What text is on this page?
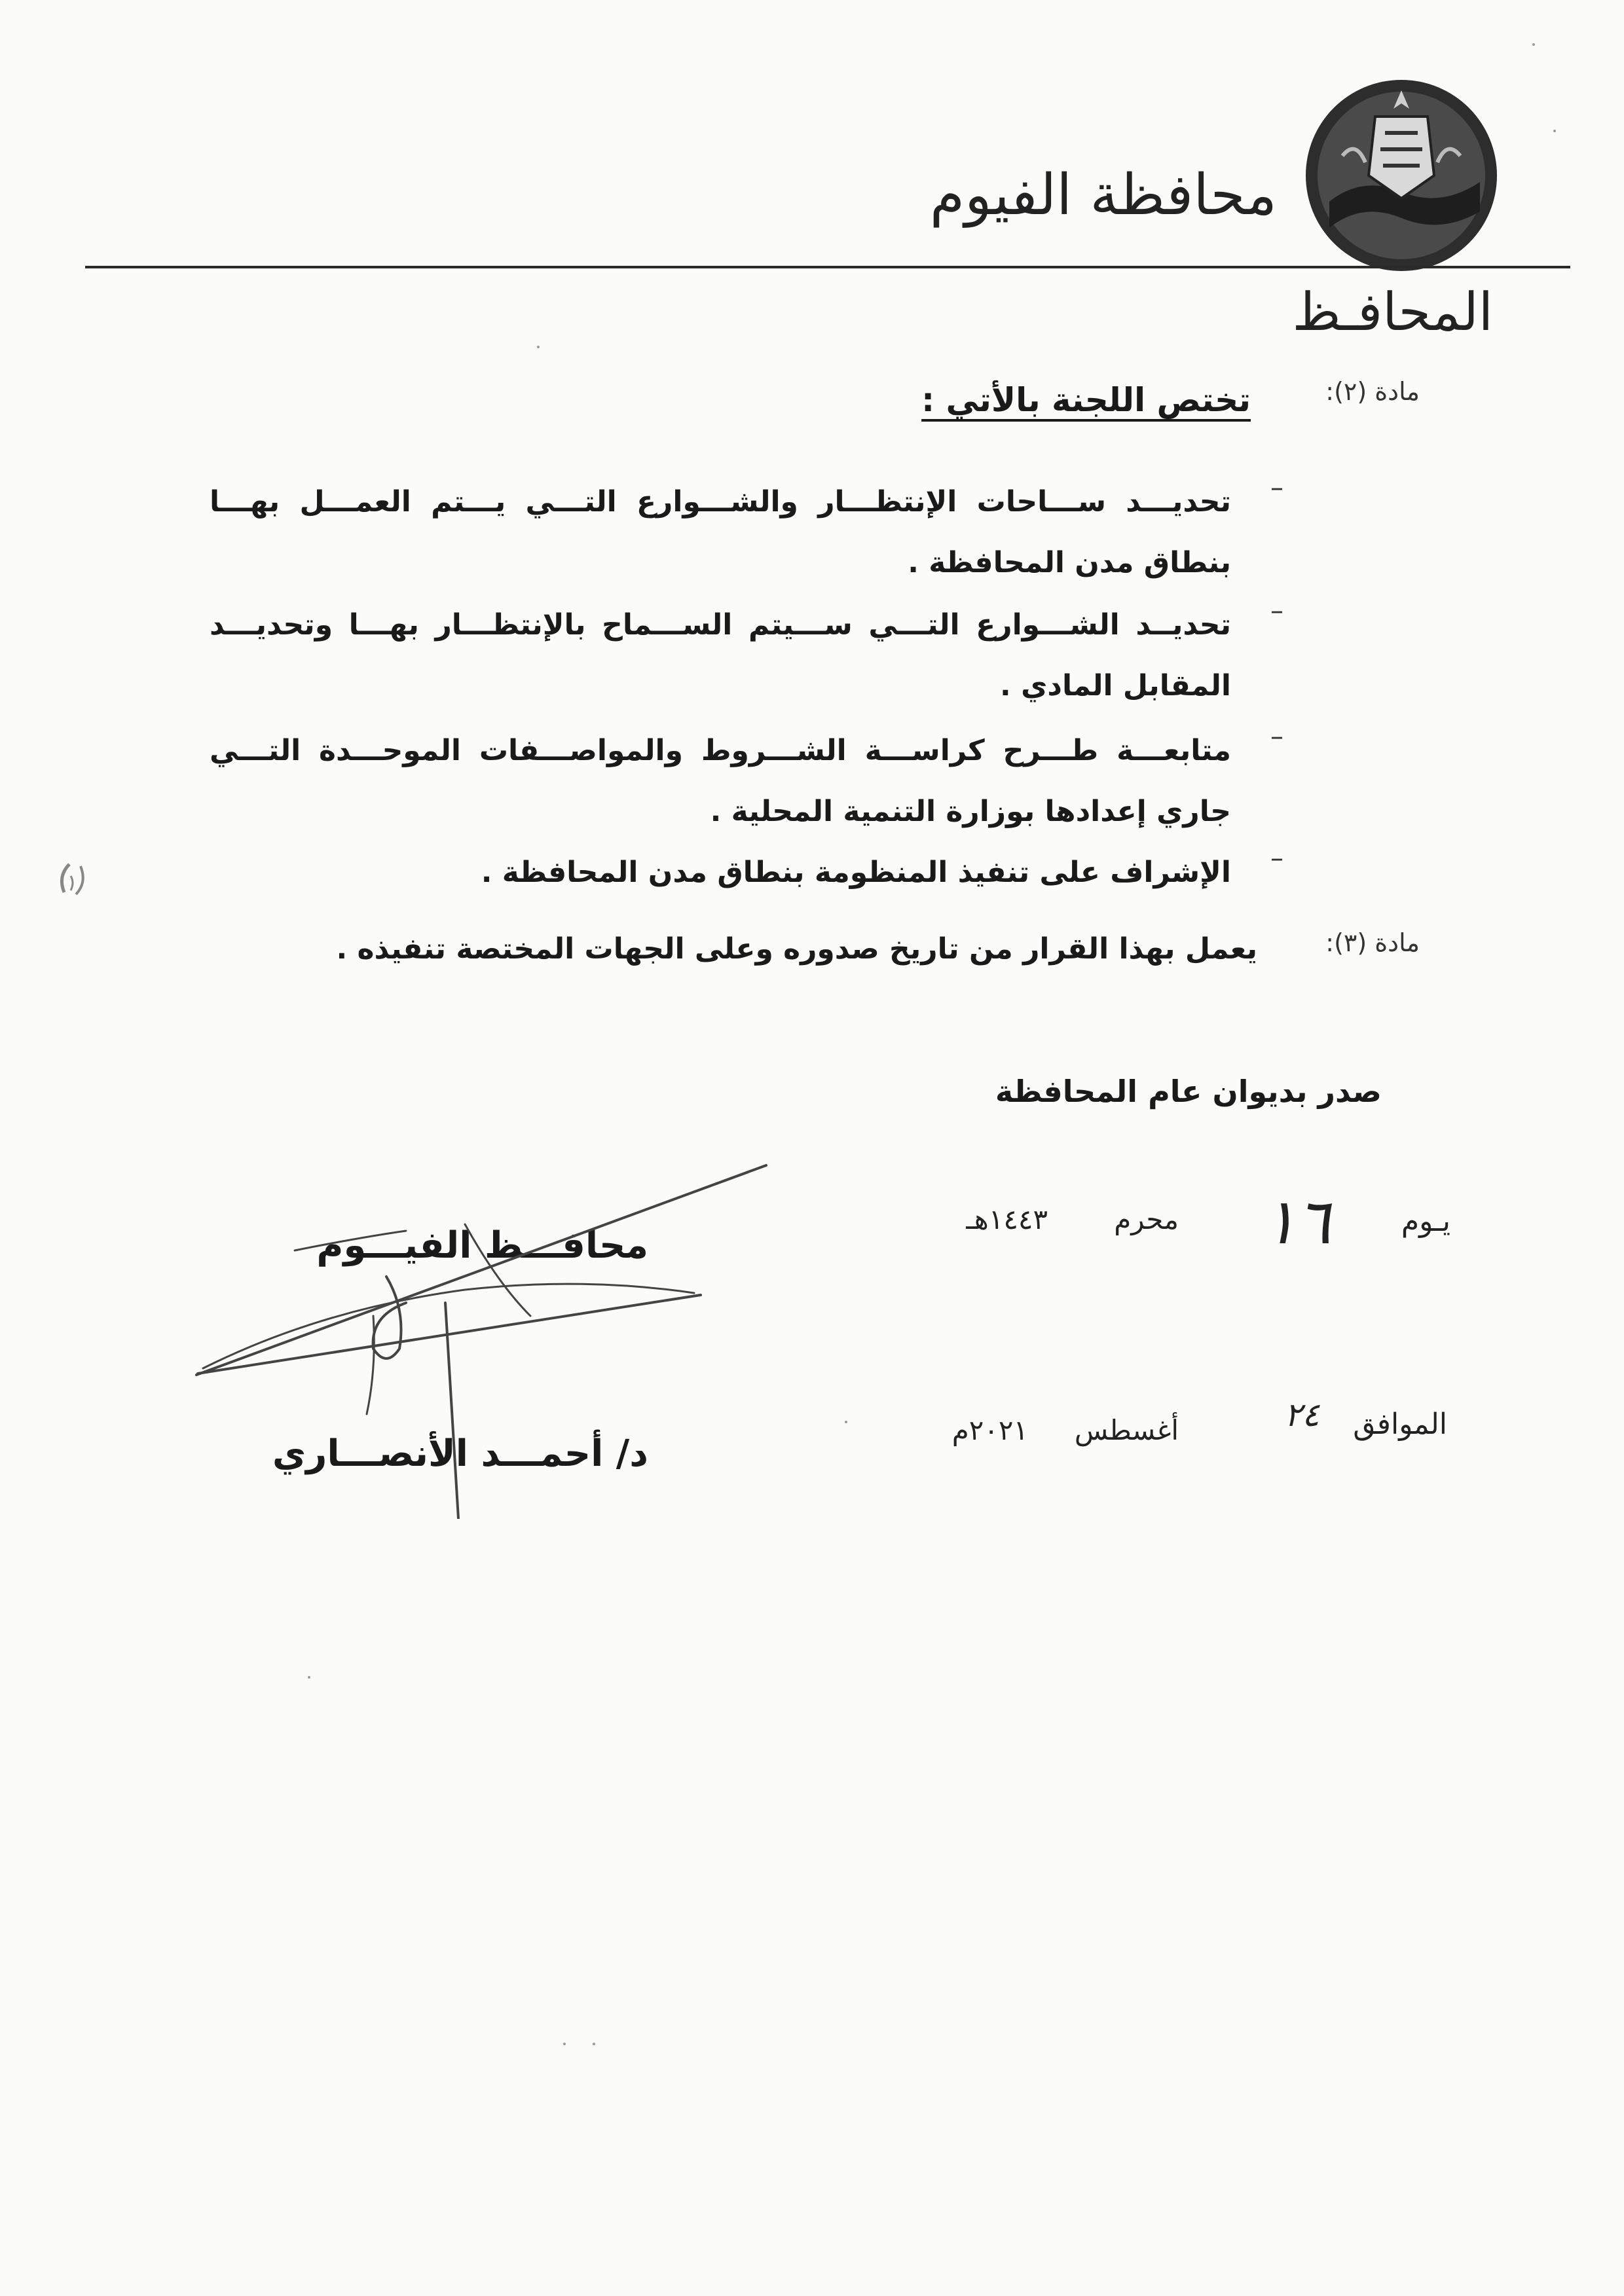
محافظة الفيوم
المحافـظ
مادة (٢):
تختص اللجنة بالأتي :
–
تحديـــد ســـاحات الإنتظـــار والشـــوارع التـــي يـــتم العمـــل بهـــا
بنطاق مدن المحافظة .
–
تحديــد الشـــوارع التـــي ســـيتم الســـماح بالإنتظـــار بهـــا وتحديـــد
المقابل المادي .
–
متابعـــة طـــرح كراســـة الشـــروط والمواصـــفات الموحـــدة التـــي
جاري إعدادها بوزارة التنمية المحلية .
–
الإشراف على تنفيذ المنظومة بنطاق مدن المحافظة .
مادة (٣):
يعمل بهذا القرار من تاريخ صدوره وعلى الجهات المختصة تنفيذه .
صدر بديوان عام المحافظة
يـوم
١٦
محرم
١٤٤٣هـ
الموافق
٢٤
أغسطس
٢٠٢١م
محافـــظ الفيـــوم
د/ أحمـــد الأنصـــاري
